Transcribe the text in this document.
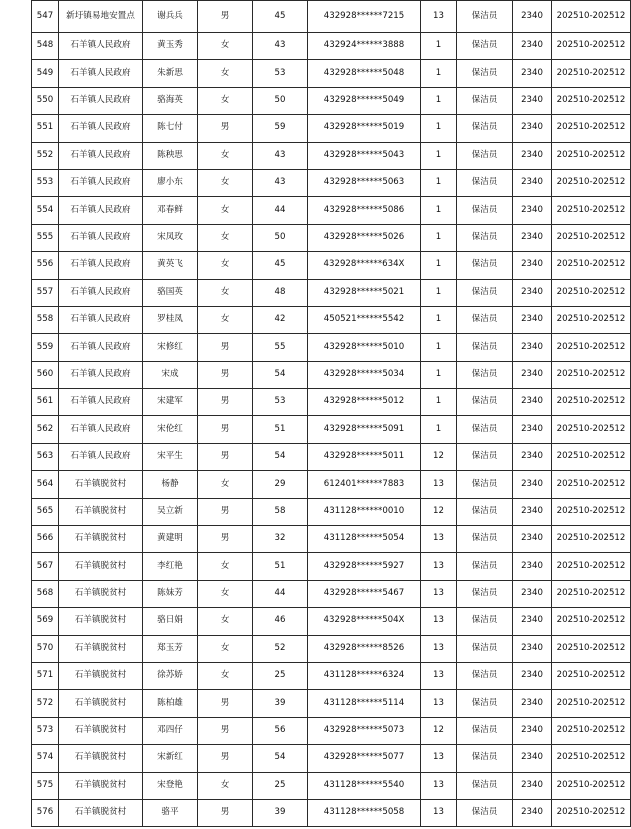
547	新圩镇易地安置点	谢兵兵	男	45	432928******7215	13	保洁员	2340	202510-202512
548	石羊镇人民政府	黄玉秀	女	43	432924******3888	1	保洁员	2340	202510-202512
549	石羊镇人民政府	朱新思	女	53	432928******5048	1	保洁员	2340	202510-202512
550	石羊镇人民政府	骆海英	女	50	432928******5049	1	保洁员	2340	202510-202512
551	石羊镇人民政府	陈七付	男	59	432928******5019	1	保洁员	2340	202510-202512
552	石羊镇人民政府	陈秧思	女	43	432928******5043	1	保洁员	2340	202510-202512
553	石羊镇人民政府	廖小东	女	43	432928******5063	1	保洁员	2340	202510-202512
554	石羊镇人民政府	邓春鲜	女	44	432928******5086	1	保洁员	2340	202510-202512
555	石羊镇人民政府	宋凤玫	女	50	432928******5026	1	保洁员	2340	202510-202512
556	石羊镇人民政府	黄英飞	女	45	432928******634X	1	保洁员	2340	202510-202512
557	石羊镇人民政府	骆国英	女	48	432928******5021	1	保洁员	2340	202510-202512
558	石羊镇人民政府	罗桂凤	女	42	450521******5542	1	保洁员	2340	202510-202512
559	石羊镇人民政府	宋修红	男	55	432928******5010	1	保洁员	2340	202510-202512
560	石羊镇人民政府	宋成	男	54	432928******5034	1	保洁员	2340	202510-202512
561	石羊镇人民政府	宋建军	男	53	432928******5012	1	保洁员	2340	202510-202512
562	石羊镇人民政府	宋伦红	男	51	432928******5091	1	保洁员	2340	202510-202512
563	石羊镇人民政府	宋平生	男	54	432928******5011	12	保洁员	2340	202510-202512
564	石羊镇脱贫村	杨静	女	29	612401******7883	13	保洁员	2340	202510-202512
565	石羊镇脱贫村	吴立新	男	58	431128******0010	12	保洁员	2340	202510-202512
566	石羊镇脱贫村	黄建明	男	32	431128******5054	13	保洁员	2340	202510-202512
567	石羊镇脱贫村	李红艳	女	51	432928******5927	13	保洁员	2340	202510-202512
568	石羊镇脱贫村	陈妹芳	女	44	432928******5467	13	保洁员	2340	202510-202512
569	石羊镇脱贫村	骆日娟	女	46	432928******504X	13	保洁员	2340	202510-202512
570	石羊镇脱贫村	郑玉芳	女	52	432928******8526	13	保洁员	2340	202510-202512
571	石羊镇脱贫村	徐苏娇	女	25	431128******6324	13	保洁员	2340	202510-202512
572	石羊镇脱贫村	陈柏雄	男	39	431128******5114	13	保洁员	2340	202510-202512
573	石羊镇脱贫村	邓四仔	男	56	432928******5073	12	保洁员	2340	202510-202512
574	石羊镇脱贫村	宋新红	男	54	432928******5077	13	保洁员	2340	202510-202512
575	石羊镇脱贫村	宋登艳	女	25	431128******5540	13	保洁员	2340	202510-202512
576	石羊镇脱贫村	骆平	男	39	431128******5058	13	保洁员	2340	202510-202512
